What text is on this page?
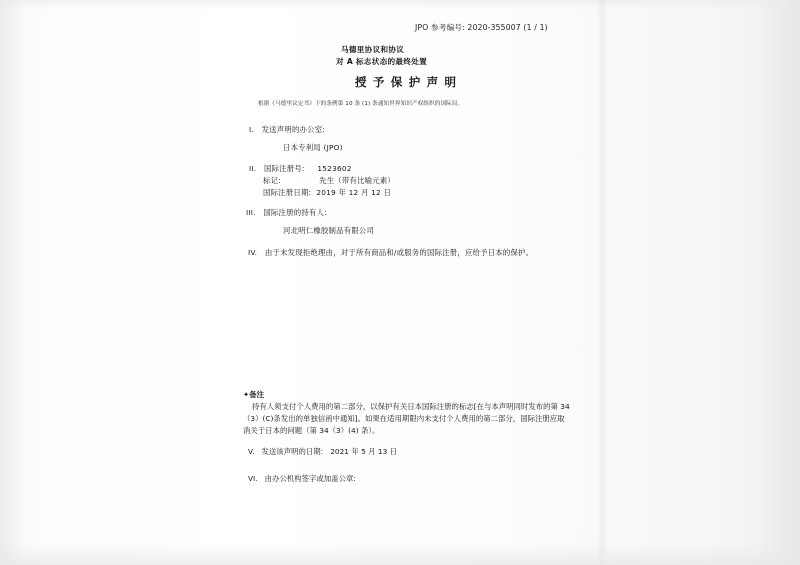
JPO 参考编号: 2020-355007 (1 / 1)
马德里协议和协议
对 A 标志状态的最终处置
授 予 保 护 声 明
根据《马德里议定书》下的条例第 10 条 (1) 条通知世界知识产权组织的国际局。
I. 发送声明的办公室:
日本专利局 (JPO)
II. 国际注册号: 1523602
标记:	先生（带有比喻元素）
国际注册日期: 2019 年 12 月 12 日
III. 国际注册的持有人:
河北明仁橡胶制品有限公司
IV. 由于未发现拒绝理由，对于所有商品和/或服务的国际注册，应给予日本的保护。
✦备注
持有人须支付个人费用的第二部分，以保护有关日本国际注册的标志[在与本声明同时发布的第 34
（3）(C)条发出的单独信函中通知]。如果在适用期限内未支付个人费用的第二部分，国际注册应取
消关于日本的问题（第 34（3）(4) 条）。
V. 发送该声明的日期: 2021 年 5 月 13 日
VI. 由办公机构签字或加盖公章:
